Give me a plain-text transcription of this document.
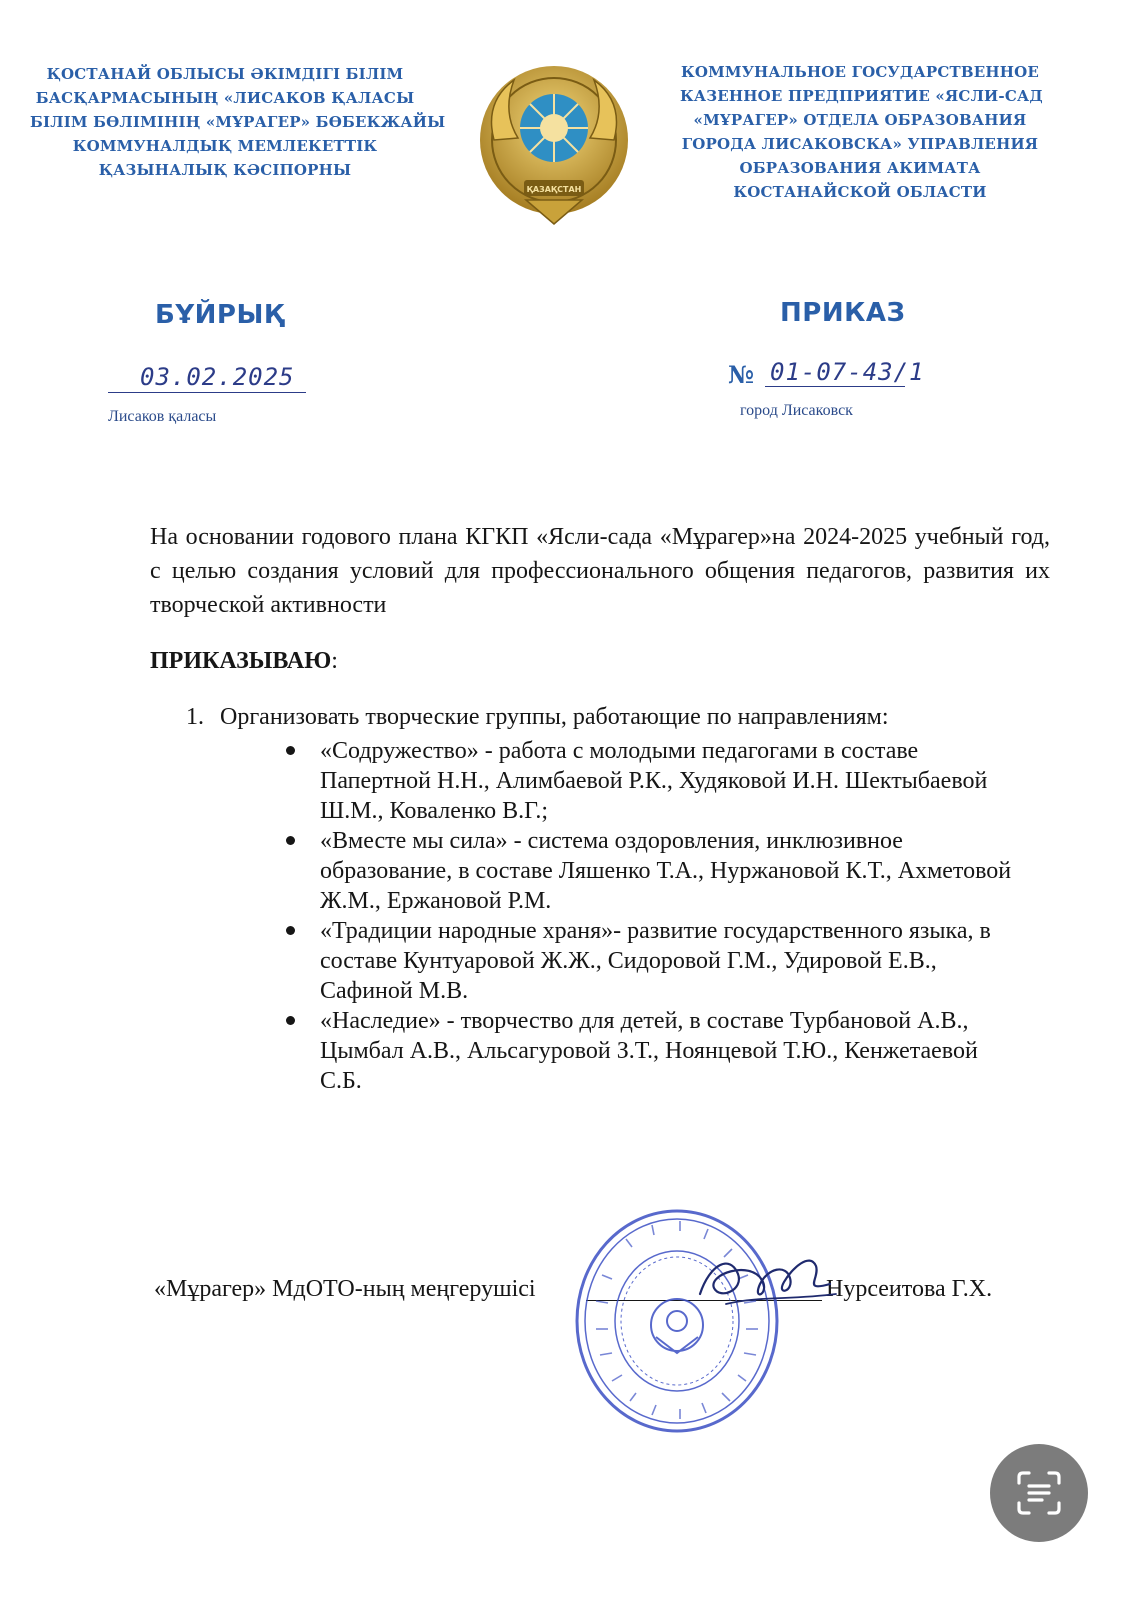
ҚОСТАНАЙ ОБЛЫСЫ ӘКІМДІГІ БІЛІМ
БАСҚАРМАСЫНЫҢ «ЛИСАКОВ ҚАЛАСЫ
БІЛІМ БӨЛІМІНІҢ «МҰРАГЕР» БӨБЕКЖАЙЫ
КОММУНАЛДЫҚ МЕМЛЕКЕТТІК
ҚАЗЫНАЛЫҚ КӘСІПОРНЫ
ҚАЗАҚСТАН
КОММУНАЛЬНОЕ ГОСУДАРСТВЕННОЕ
КАЗЕННОЕ ПРЕДПРИЯТИЕ «ЯСЛИ-САД
«МҰРАГЕР» ОТДЕЛА ОБРАЗОВАНИЯ
ГОРОДА ЛИСАКОВСКА» УПРАВЛЕНИЯ
ОБРАЗОВАНИЯ АКИМАТА
КОСТАНАЙСКОЙ ОБЛАСТИ
БҰЙРЫҚ	ПРИКАЗ
03.02.2025
Лисаков қаласы
№ 01-07-43/1
город Лисаковск
На основании годового плана КГКП «Ясли-сада «Мұрагер»на 2024-2025 учебный год, с целью создания условий для профессионального общения педагогов, развития их творческой активности
ПРИКАЗЫВАЮ:
1. Организовать творческие группы, работающие по направлениям:
«Содружество» - работа с молодыми педагогами в составе Папертной Н.Н., Алимбаевой Р.К., Худяковой И.Н. Шектыбаевой Ш.М., Коваленко В.Г.;
«Вместе мы сила» - система оздоровления, инклюзивное образование, в составе Ляшенко Т.А., Нуржановой К.Т., Ахметовой Ж.М., Ержановой Р.М.
«Традиции народные храня»- развитие государственного языка, в составе Кунтуаровой Ж.Ж., Сидоровой Г.М., Удировой Е.В., Сафиной М.В.
«Наследие» - творчество для детей, в составе Турбановой А.В., Цымбал А.В., Альсагуровой З.Т., Ноянцевой Т.Ю., Кенжетаевой С.Б.
«Мұрагер» МдОТО-ның меңгерушісі	Нурсеитова Г.Х.
